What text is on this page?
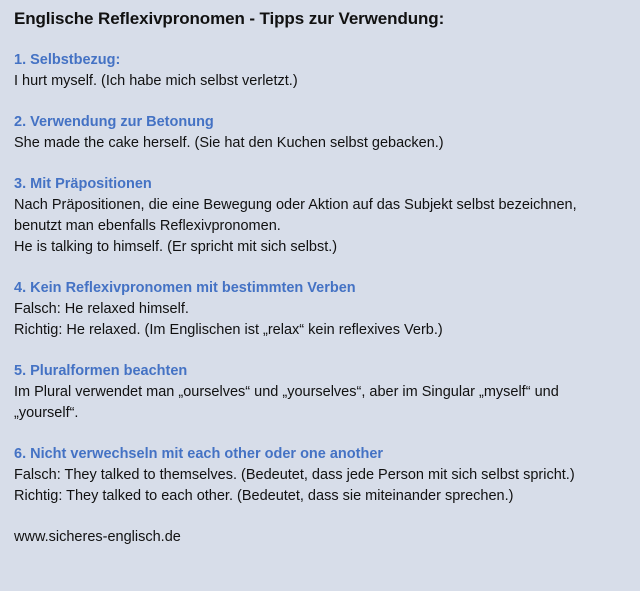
Englische Reflexivpronomen - Tipps zur Verwendung:
1. Selbstbezug:
I hurt myself. (Ich habe mich selbst verletzt.)
2. Verwendung zur Betonung
She made the cake herself. (Sie hat den Kuchen selbst gebacken.)
3. Mit Präpositionen
Nach Präpositionen, die eine Bewegung oder Aktion auf das Subjekt selbst bezeichnen,
benutzt man ebenfalls Reflexivpronomen.
He is talking to himself. (Er spricht mit sich selbst.)
4. Kein Reflexivpronomen mit bestimmten Verben
Falsch: He relaxed himself.
Richtig: He relaxed. (Im Englischen ist „relax“ kein reflexives Verb.)
5. Pluralformen beachten
Im Plural verwendet man „ourselves“ und „yourselves“, aber im Singular „myself“ und
„yourself“.
6. Nicht verwechseln mit each other oder one another
Falsch: They talked to themselves. (Bedeutet, dass jede Person mit sich selbst spricht.)
Richtig: They talked to each other. (Bedeutet, dass sie miteinander sprechen.)
www.sicheres-englisch.de
